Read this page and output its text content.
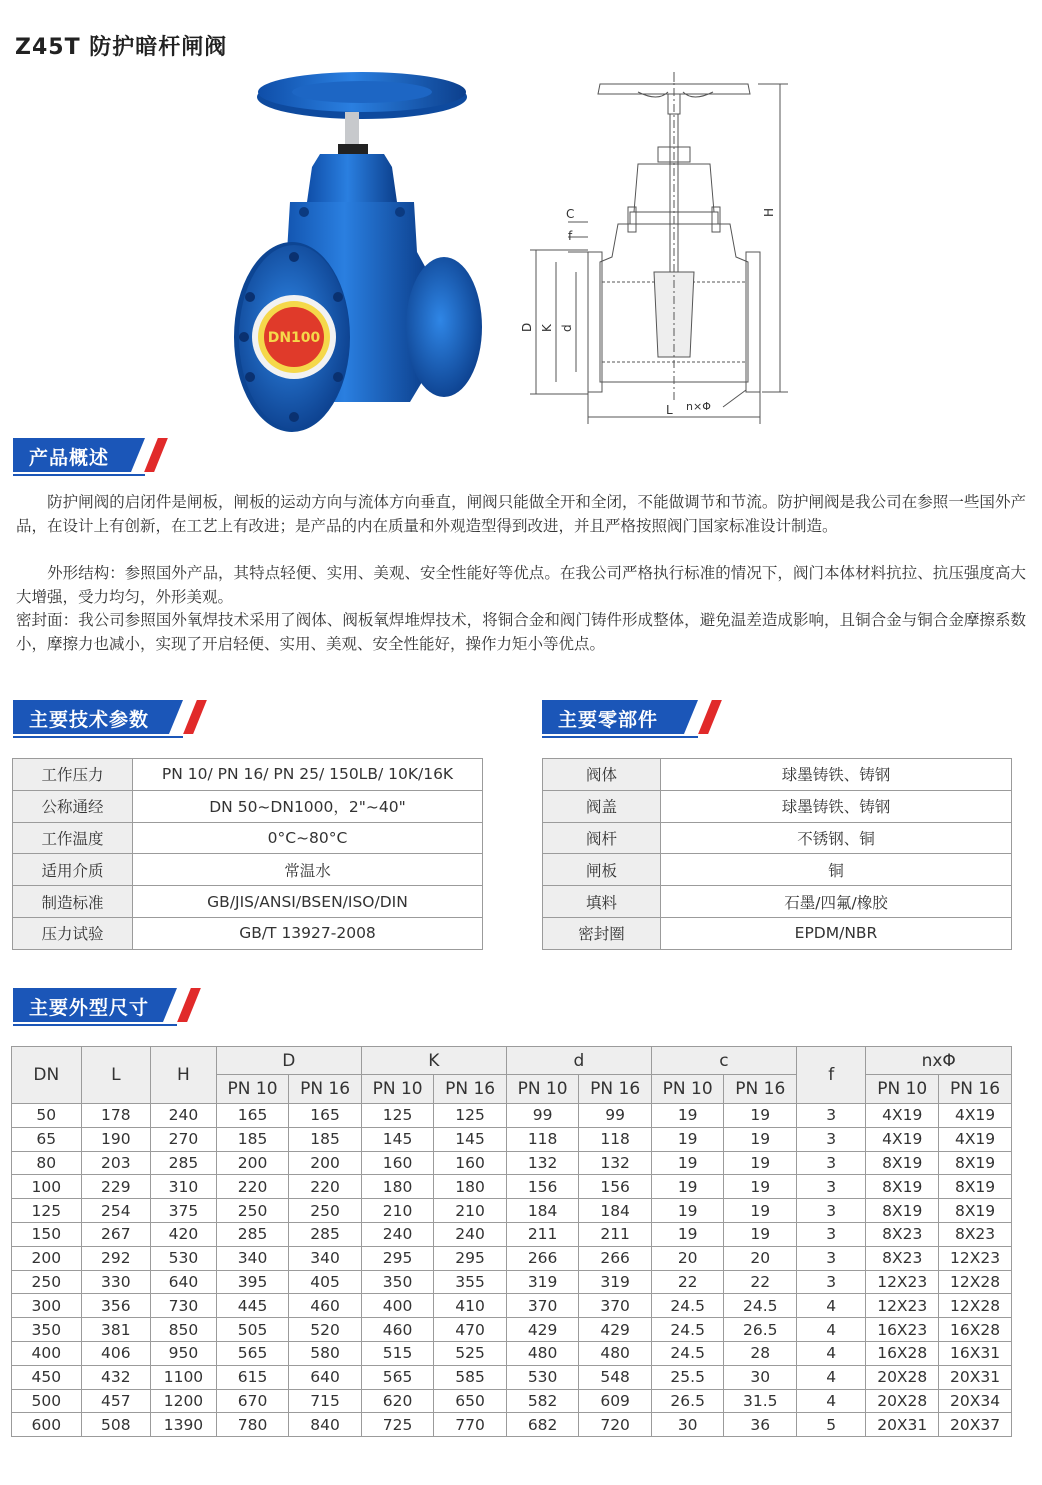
Z45T 防护暗杆闸阀
DN100
H
C
f
D K d
L n×Φ
产品概述
　　防护闸阀的启闭件是闸板，闸板的运动方向与流体方向垂直，闸阀只能做全开和全闭，不能做调节和节流。防护闸阀是我公司在参照一些国外产品，在设计上有创新，在工艺上有改进；是产品的内在质量和外观造型得到改进，并且严格按照阀门国家标准设计制造。
　　外形结构：参照国外产品，其特点轻便、实用、美观、安全性能好等优点。在我公司严格执行标准的情况下，阀门本体材料抗拉、抗压强度高大大增强，受力均匀，外形美观。
密封面：我公司参照国外氧焊技术采用了阀体、阀板氧焊堆焊技术，将铜合金和阀门铸件形成整体，避免温差造成影响，且铜合金与铜合金摩擦系数小，摩擦力也减小，实现了开启轻便、实用、美观、安全性能好，操作力矩小等优点。
主要技术参数	主要零部件
工作压力	PN 10/ PN 16/ PN 25/ 150LB/ 10K/16K
公称通经	DN 50~DN1000，2"~40"
工作温度	0°C~80°C
适用介质	常温水
制造标准	GB/JIS/ANSI/BSEN/ISO/DIN
压力试验	GB/T 13927-2008
阀体	球墨铸铁、铸钢
阀盖	球墨铸铁、铸钢
阀杆	不锈钢、铜
闸板	铜
填料	石墨/四氟/橡胶
密封圈	EPDM/NBR
主要外型尺寸
DN	L	H	D		K		d		c		f	nxΦ	
			PN 10	PN 16	PN 10	PN 16	PN 10	PN 16	PN 10	PN 16		PN 10	PN 16
50	178	240	165	165	125	125	99	99	19	19	3	4X19	4X19
65	190	270	185	185	145	145	118	118	19	19	3	4X19	4X19
80	203	285	200	200	160	160	132	132	19	19	3	8X19	8X19
100	229	310	220	220	180	180	156	156	19	19	3	8X19	8X19
125	254	375	250	250	210	210	184	184	19	19	3	8X19	8X19
150	267	420	285	285	240	240	211	211	19	19	3	8X23	8X23
200	292	530	340	340	295	295	266	266	20	20	3	8X23	12X23
250	330	640	395	405	350	355	319	319	22	22	3	12X23	12X28
300	356	730	445	460	400	410	370	370	24.5	24.5	4	12X23	12X28
350	381	850	505	520	460	470	429	429	24.5	26.5	4	16X23	16X28
400	406	950	565	580	515	525	480	480	24.5	28	4	16X28	16X31
450	432	1100	615	640	565	585	530	548	25.5	30	4	20X28	20X31
500	457	1200	670	715	620	650	582	609	26.5	31.5	4	20X28	20X34
600	508	1390	780	840	725	770	682	720	30	36	5	20X31	20X37
